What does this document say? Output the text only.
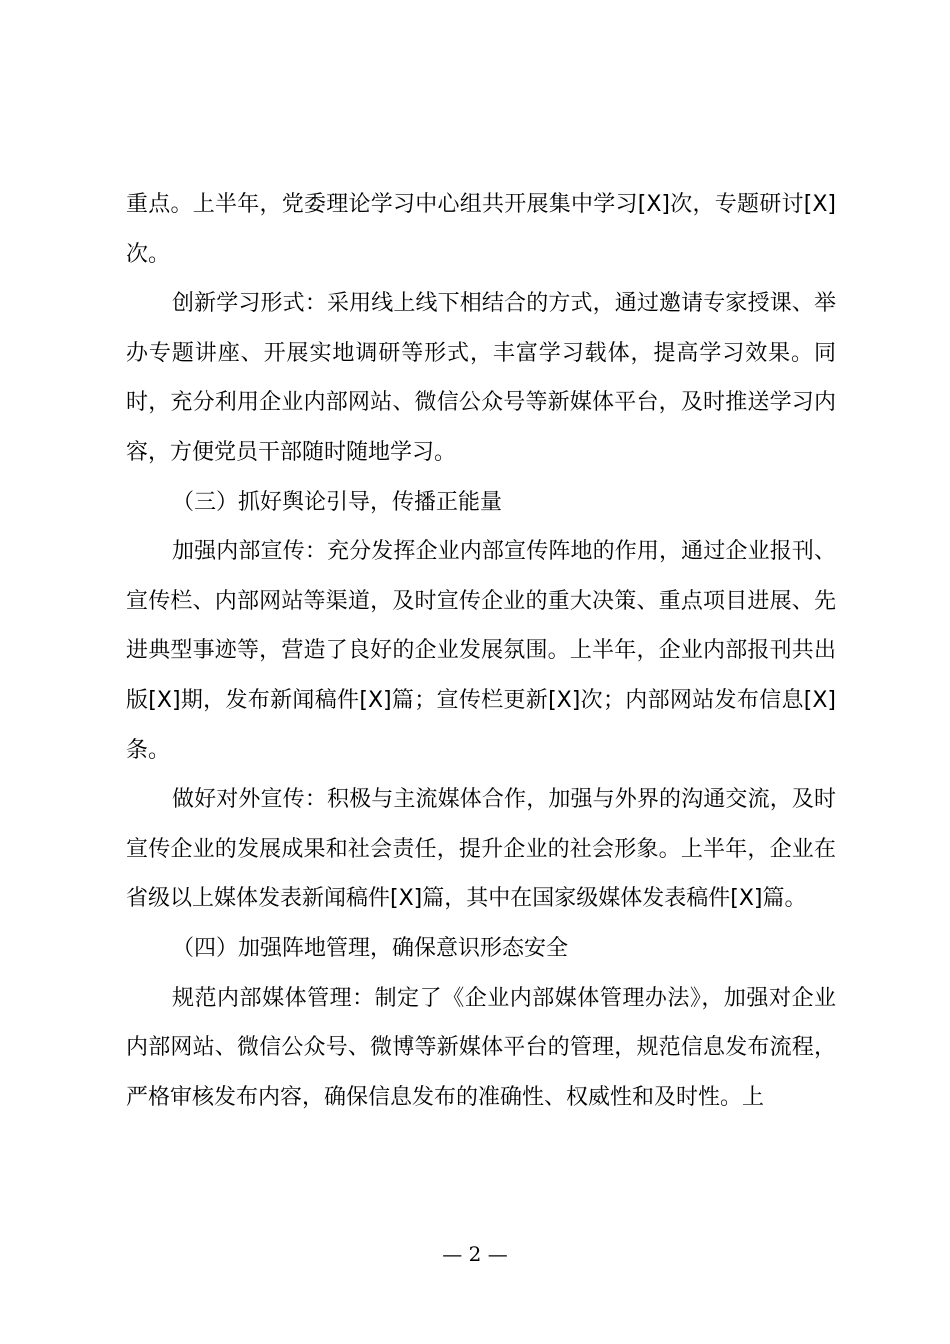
重点。上半年，党委理论学习中心组共开展集中学习[X]次，专题研讨[X]次。

创新学习形式：采用线上线下相结合的方式，通过邀请专家授课、举办专题讲座、开展实地调研等形式，丰富学习载体，提高学习效果。同时，充分利用企业内部网站、微信公众号等新媒体平台，及时推送学习内容，方便党员干部随时随地学习。

（三）抓好舆论引导，传播正能量

加强内部宣传：充分发挥企业内部宣传阵地的作用，通过企业报刊、宣传栏、内部网站等渠道，及时宣传企业的重大决策、重点项目进展、先进典型事迹等，营造了良好的企业发展氛围。上半年，企业内部报刊共出版[X]期，发布新闻稿件[X]篇；宣传栏更新[X]次；内部网站发布信息[X]条。

做好对外宣传：积极与主流媒体合作，加强与外界的沟通交流，及时宣传企业的发展成果和社会责任，提升企业的社会形象。上半年，企业在省级以上媒体发表新闻稿件[X]篇，其中在国家级媒体发表稿件[X]篇。

（四）加强阵地管理，确保意识形态安全

规范内部媒体管理：制定了《企业内部媒体管理办法》，加强对企业内部网站、微信公众号、微博等新媒体平台的管理，规范信息发布流程，严格审核发布内容，确保信息发布的准确性、权威性和及时性。上

— 2 —
